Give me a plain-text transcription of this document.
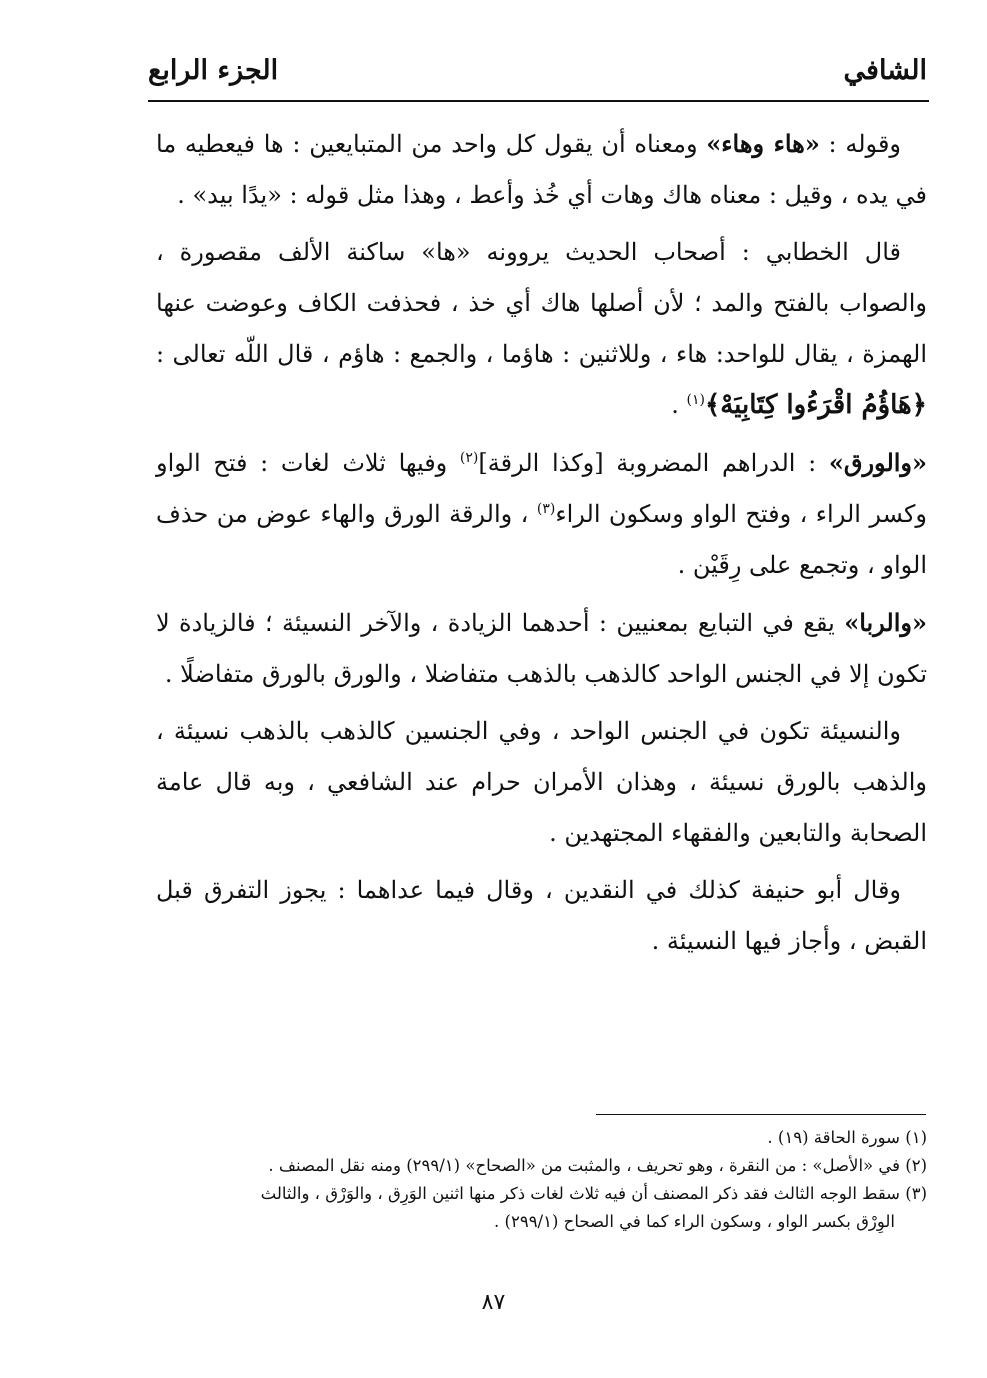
الشافي
الجزء الرابع

وقوله : «هاء وهاء» ومعناه أن يقول كل واحد من المتبايعين : ها فيعطيه ما في يده ، وقيل : معناه هاك وهات أي خُذ وأعط ، وهذا مثل قوله : «يدًا بيد» .

قال الخطابي : أصحاب الحديث يروونه «ها» ساكنة الألف مقصورة ، والصواب بالفتح والمد ؛ لأن أصلها هاك أي خذ ، فحذفت الكاف وعوضت عنها الهمزة ، يقال للواحد: هاء ، وللاثنين : هاؤما ، والجمع : هاؤم ، قال اللّه تعالى : ﴿هَاؤُمُ اقْرَءُوا كِتَابِيَهْ﴾$^{(١)}$ .

«والورق» : الدراهم المضروبة [وكذا الرقة]$^{(٢)}$ وفيها ثلاث لغات : فتح الواو وكسر الراء ، وفتح الواو وسكون الراء$^{(٣)}$ ، والرقة الورق والهاء عوض من حذف الواو ، وتجمع على رِقَيْن .

«والربا» يقع في التبايع بمعنيين : أحدهما الزيادة ، والآخر النسيئة ؛ فالزيادة لا تكون إلا في الجنس الواحد كالذهب بالذهب متفاضلا ، والورق بالورق متفاضلًا .

والنسيئة تكون في الجنس الواحد ، وفي الجنسين كالذهب بالذهب نسيئة ، والذهب بالورق نسيئة ، وهذان الأمران حرام عند الشافعي ، وبه قال عامة الصحابة والتابعين والفقهاء المجتهدين .

وقال أبو حنيفة كذلك في النقدين ، وقال فيما عداهما : يجوز التفرق قبل القبض ، وأجاز فيها النسيئة .

(١) سورة الحاقة (١٩) .

(٢) في «الأصل» : من النقرة ، وهو تحريف ، والمثبت من «الصحاح» (٢٩٩/١) ومنه نقل المصنف .

(٣) سقط الوجه الثالث فقد ذكر المصنف أن فيه ثلاث لغات ذكر منها اثنين الوَرِق ، والوَرْق ، والثالث
الوِرْق بكسر الواو ، وسكون الراء كما في الصحاح (٢٩٩/١) .

٨٧
